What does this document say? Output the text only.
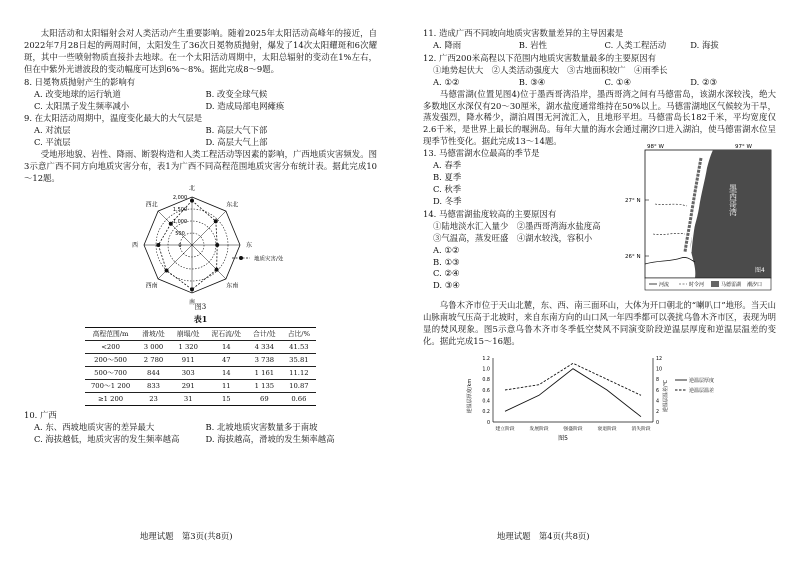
太阳活动和太阳辐射会对人类活动产生重要影响。随着2025年太阳活动高峰年的接近，自2022年7月28日起的两周时间，太阳发生了36次日冕物质抛射，爆发了14次太阳耀斑和6次耀斑，其中一些喷射物质直接扑去地球。在一个太阳活动周期中，太阳总辐射的变动在1%左右，但在中紫外光谱波段的变动幅度可达到6%～8%。据此完成8～9题。

8. 日冕物质抛射产生的影响有

A. 改变地球的运行轨道	B. 改变全球气候
C. 太阳黑子发生频率减小	D. 造成局部电网瘫痪

9. 在太阳活动周期中，温度变化最大的大气层是

A. 对流层	B. 高层大气下部
C. 平流层	D. 高层大气上部

受地形地貌、岩性、降雨、断裂构造和人类工程活动等因素的影响，广西地质灾害频发。图3示意广西不同方向地质灾害分布，表1为广西不同高程范围地质灾害分布统计表。据此完成10～12题。

2,000
1,500
1,000
500
0
北
东北
东
东南
南
西南
西
西北
地质灾害/处
图3
表1
高程范围/m	滑坡/处	崩塌/处	泥石流/处	合计/处	占比/%
<200	3 000	1 320	14	4 334	41.53
200～500	2 780	911	47	3 738	35.81
500～700	844	303	14	1 161	11.12
700～1 200	833	291	11	1 135	10.87
≥1 200	23	31	15	69	0.66

10. 广西

A. 东、西坡地质灾害的差异最大	B. 北坡地质灾害数量多于南坡
C. 海拔越低，地质灾害的发生频率越高	D. 海拔越高，滑坡的发生频率越高
地理试题　第3页(共8页)

11. 造成广西不同坡向地质灾害数量差异的主导因素是

A. 降雨	B. 岩性	C. 人类工程活动	D. 海拔

12. 广西200米高程以下范围内地质灾害数量最多的主要原因有

①地势起伏大　②人类活动强度大　③古地面积较广　④雨季长

A. ①②	B. ③④	C. ①④	D. ②③

马德雷湖(位置见图4)位于墨西哥湾沿岸，墨西哥湾之间有马德雷岛，该湖水深较浅，绝大多数地区水深仅有20～30厘米，湖水盐度通常维持在50%以上。马德雷湖地区气候较为干旱，蒸发强烈，降水稀少，湖泊周围无河流汇入，且地形平坦。马德雷岛长182千米，平均宽度仅2.6千米，是世界上最长的堰洲岛。每年大量的海水会通过潮汐口进入湖泊，使马德雷湖水位呈现季节性变化。据此完成13～14题。

13. 马德雷湖水位最高的季节是

A. 春季
B. 夏季
C. 秋季
D. 冬季

14. 马德雷湖盐度较高的主要原因有

①陆地淡水汇入量少　②墨西哥湾海水盐度高
③气温高，蒸发旺盛　④湖水较浅，容积小
A. ①②
B. ①③
C. ②④
D. ③④
墨西哥湾
98° W	97° W
27° N
26° N
河流	时令河	马德雷湖 潮汐口
图4

乌鲁木齐市位于天山北麓，东、西、南三面环山，大体为开口朝北的“喇叭口”地形。当天山山脉南坡气压高于北坡时，来自东南方向的山口风一年四季都可以袭扰乌鲁木齐市区，表现为明显的焚风现象。图5示意乌鲁木齐市冬季低空焚风不同演变阶段逆温层厚度和逆温层温差的变化。据此完成15～16题。

1.2
1.0
0.8
0.6
0.4
0.2
0
12
10
8
6
4
2
0
建立阶段	发展阶段	强盛阶段	衰退阶段	消失阶段
逆温层厚度/km	逆温层温差/℃	逆温层厚度
逆温层温差
图5
地理试题　第4页(共8页)
